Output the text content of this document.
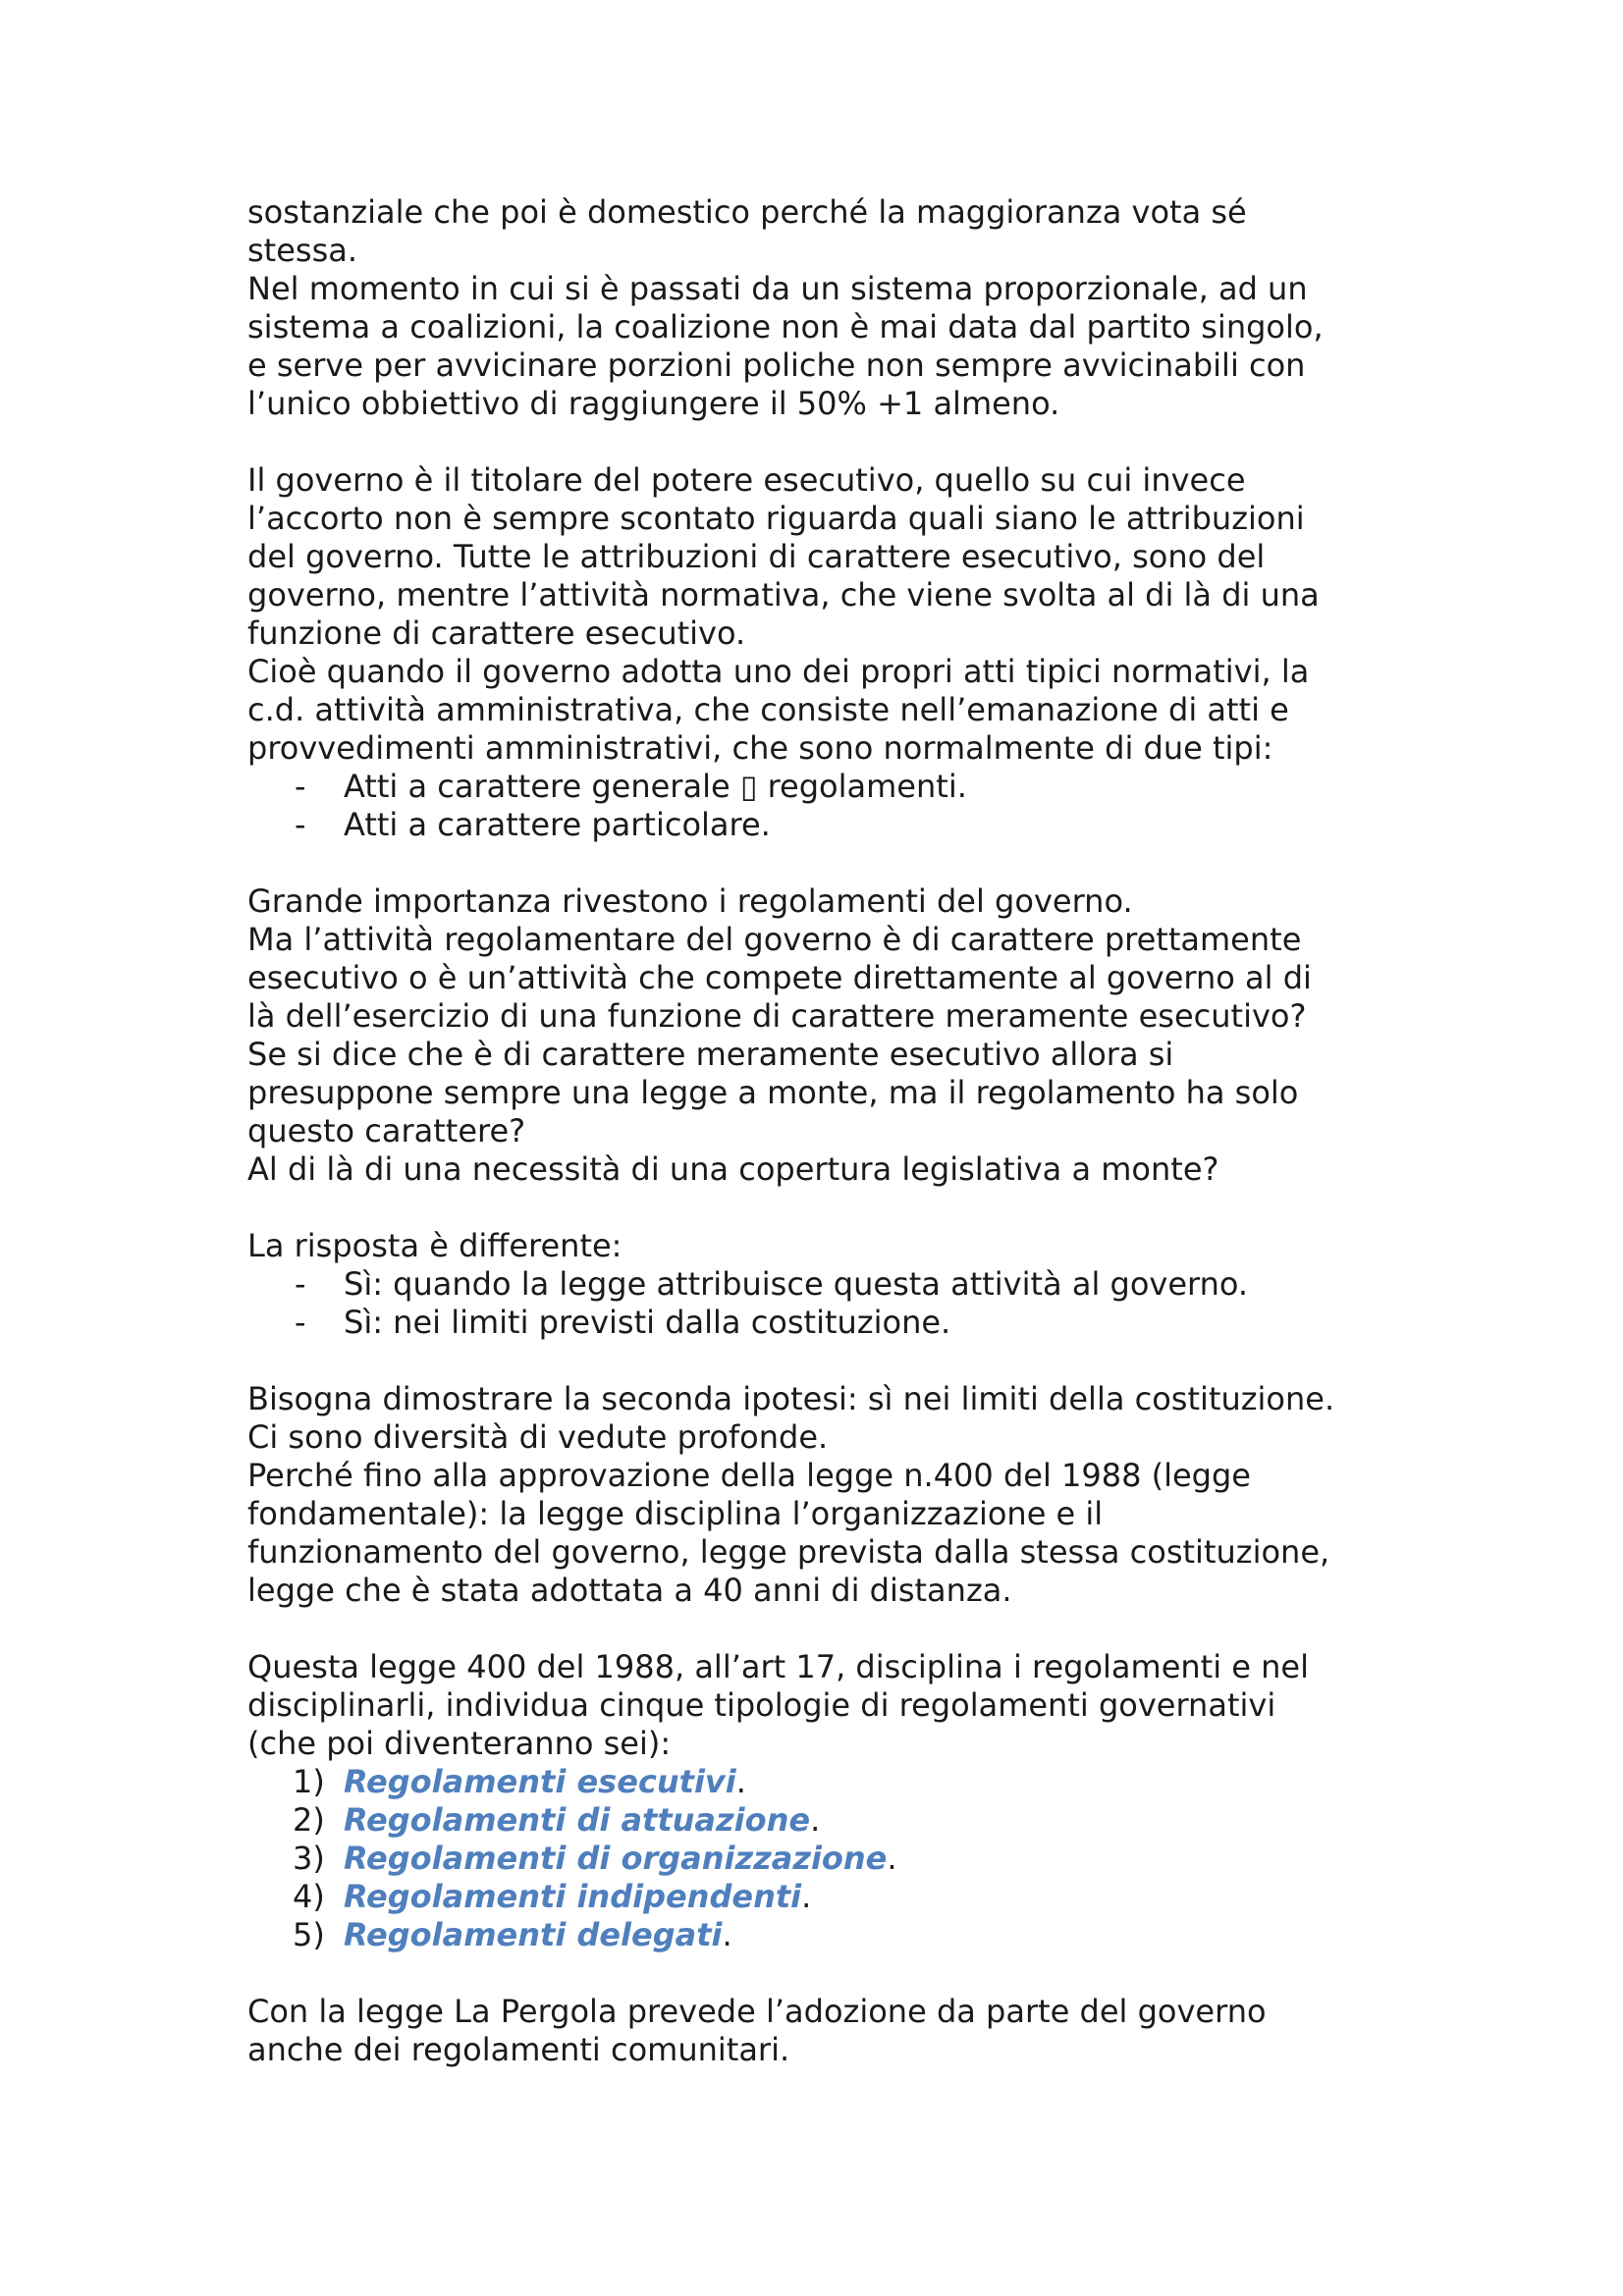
sostanziale che poi è domestico perché la maggioranza vota sé
stessa.
Nel momento in cui si è passati da un sistema proporzionale, ad un
sistema a coalizioni, la coalizione non è mai data dal partito singolo,
e serve per avvicinare porzioni poliche non sempre avvicinabili con
l’unico obbiettivo di raggiungere il 50% +1 almeno.
Il governo è il titolare del potere esecutivo, quello su cui invece
l’accorto non è sempre scontato riguarda quali siano le attribuzioni
del governo. Tutte le attribuzioni di carattere esecutivo, sono del
governo, mentre l’attività normativa, che viene svolta al di là di una
funzione di carattere esecutivo.
Cioè quando il governo adotta uno dei propri atti tipici normativi, la
c.d. attività amministrativa, che consiste nell’emanazione di atti e
provvedimenti amministrativi, che sono normalmente di due tipi:
-	Atti a carattere generale ▯ regolamenti.
-	Atti a carattere particolare.
Grande importanza rivestono i regolamenti del governo.
Ma l’attività regolamentare del governo è di carattere prettamente
esecutivo o è un’attività che compete direttamente al governo al di
là dell’esercizio di una funzione di carattere meramente esecutivo?
Se si dice che è di carattere meramente esecutivo allora si
presuppone sempre una legge a monte, ma il regolamento ha solo
questo carattere?
Al di là di una necessità di una copertura legislativa a monte?
La risposta è differente:
-	Sì: quando la legge attribuisce questa attività al governo.
-	Sì: nei limiti previsti dalla costituzione.
Bisogna dimostrare la seconda ipotesi: sì nei limiti della costituzione.
Ci sono diversità di vedute profonde.
Perché fino alla approvazione della legge n.400 del 1988 (legge
fondamentale): la legge disciplina l’organizzazione e il
funzionamento del governo, legge prevista dalla stessa costituzione,
legge che è stata adottata a 40 anni di distanza.
Questa legge 400 del 1988, all’art 17, disciplina i regolamenti e nel
disciplinarli, individua cinque tipologie di regolamenti governativi
(che poi diventeranno sei):
1) Regolamenti esecutivi .
2) Regolamenti di attuazione .
3) Regolamenti di organizzazione .
4) Regolamenti indipendenti .
5) Regolamenti delegati .
Con la legge La Pergola prevede l’adozione da parte del governo
anche dei regolamenti comunitari.
